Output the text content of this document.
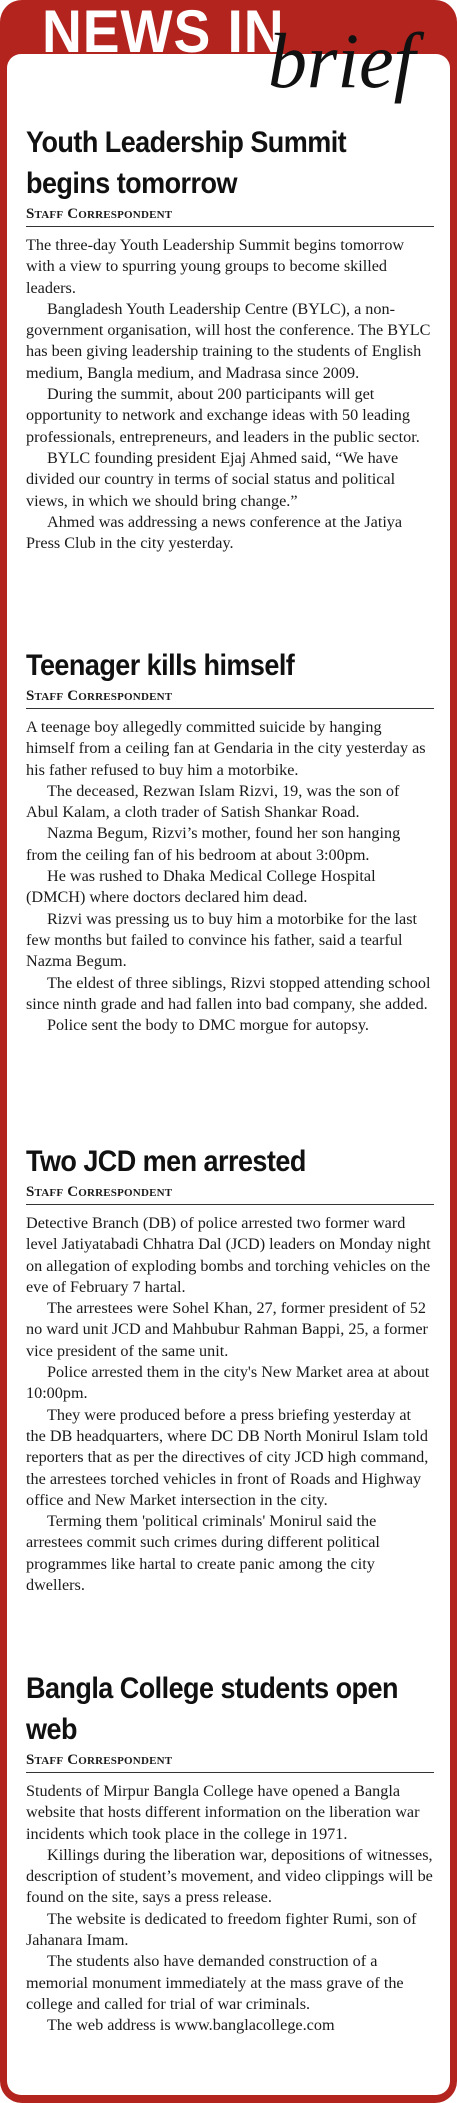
NEWS IN
brief
Youth Leadership Summit
begins tomorrow
Staff Correspondent

The three-day Youth Leadership Summit begins tomorrow with a view to spurring young groups to become skilled leaders.

Bangladesh Youth Leadership Centre (BYLC), a non-government organisation, will host the conference. The BYLC has been giving leadership training to the students of English medium, Bangla medium, and Madrasa since 2009.

During the summit, about 200 participants will get opportunity to network and exchange ideas with 50 leading professionals, entrepreneurs, and leaders in the public sector.

BYLC founding president Ejaj Ahmed said, “We have divided our country in terms of social status and political views, in which we should bring change.”

Ahmed was addressing a news conference at the Jatiya Press Club in the city yesterday.

Teenager kills himself
Staff Correspondent

A teenage boy allegedly committed suicide by hanging himself from a ceiling fan at Gendaria in the city yesterday as his father refused to buy him a motorbike.

The deceased, Rezwan Islam Rizvi, 19, was the son of Abul Kalam, a cloth trader of Satish Shankar Road.

Nazma Begum, Rizvi’s mother, found her son hanging from the ceiling fan of his bedroom at about 3:00pm.

He was rushed to Dhaka Medical College Hospital (DMCH) where doctors declared him dead.

Rizvi was pressing us to buy him a motorbike for the last few months but failed to convince his father, said a tearful Nazma Begum.

The eldest of three siblings, Rizvi stopped attending school since ninth grade and had fallen into bad company, she added.

Police sent the body to DMC morgue for autopsy.

Two JCD men arrested
Staff Correspondent

Detective Branch (DB) of police arrested two former ward level Jatiyatabadi Chhatra Dal (JCD) leaders on Monday night on allegation of exploding bombs and torching vehicles on the eve of February 7 hartal.

The arrestees were Sohel Khan, 27, former president of 52 no ward unit JCD and Mahbubur Rahman Bappi, 25, a former vice president of the same unit.

Police arrested them in the city's New Market area at about 10:00pm.

They were produced before a press briefing yesterday at the DB headquarters, where DC DB North Monirul Islam told reporters that as per the directives of city JCD high command, the arrestees torched vehicles in front of Roads and Highway office and New Market intersection in the city.

Terming them 'political criminals' Monirul said the arrestees commit such crimes during different political programmes like hartal to create panic among the city dwellers.

Bangla College students open web
Staff Correspondent

Students of Mirpur Bangla College have opened a Bangla website that hosts different information on the liberation war incidents which took place in the college in 1971.

Killings during the liberation war, depositions of witnesses, description of student’s movement, and video clippings will be found on the site, says a press release.

The website is dedicated to freedom fighter Rumi, son of Jahanara Imam.

The students also have demanded construction of a memorial monument immediately at the mass grave of the college and called for trial of war criminals.

The web address is www.banglacollege.com
